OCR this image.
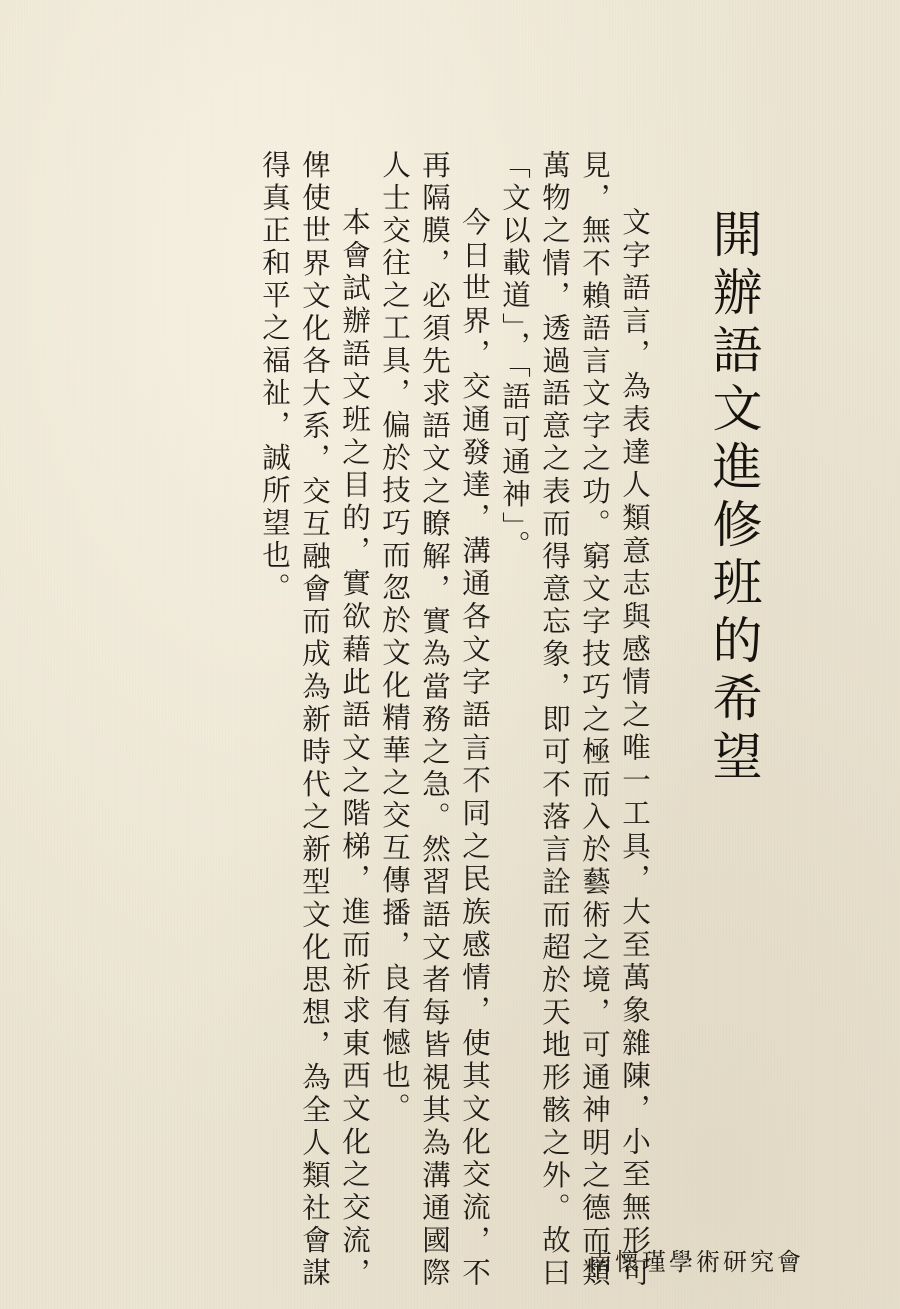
開辦語文進修班的希望

文字語言，為表達人類意志與感情之唯一工具，大至萬象雜陳，小至無形可見，無不賴語言文字之功。窮文字技巧之極而入於藝術之境，可通神明之德而類萬物之情，透過語意之表而得意忘象，即可不落言詮而超於天地形骸之外。故曰「文以載道」，「語可通神」。

今日世界，交通發達，溝通各文字語言不同之民族感情，使其文化交流，不再隔膜，必須先求語文之瞭解，實為當務之急。然習語文者每皆視其為溝通國際人士交往之工具，偏於技巧而忽於文化精華之交互傳播，良有憾也。

本會試辦語文班之目的，實欲藉此語文之階梯，進而祈求東西文化之交流，俾使世界文化各大系，交互融會而成為新時代之新型文化思想，為全人類社會謀得真正和平之福祉，誠所望也。

南懷瑾學術研究會
